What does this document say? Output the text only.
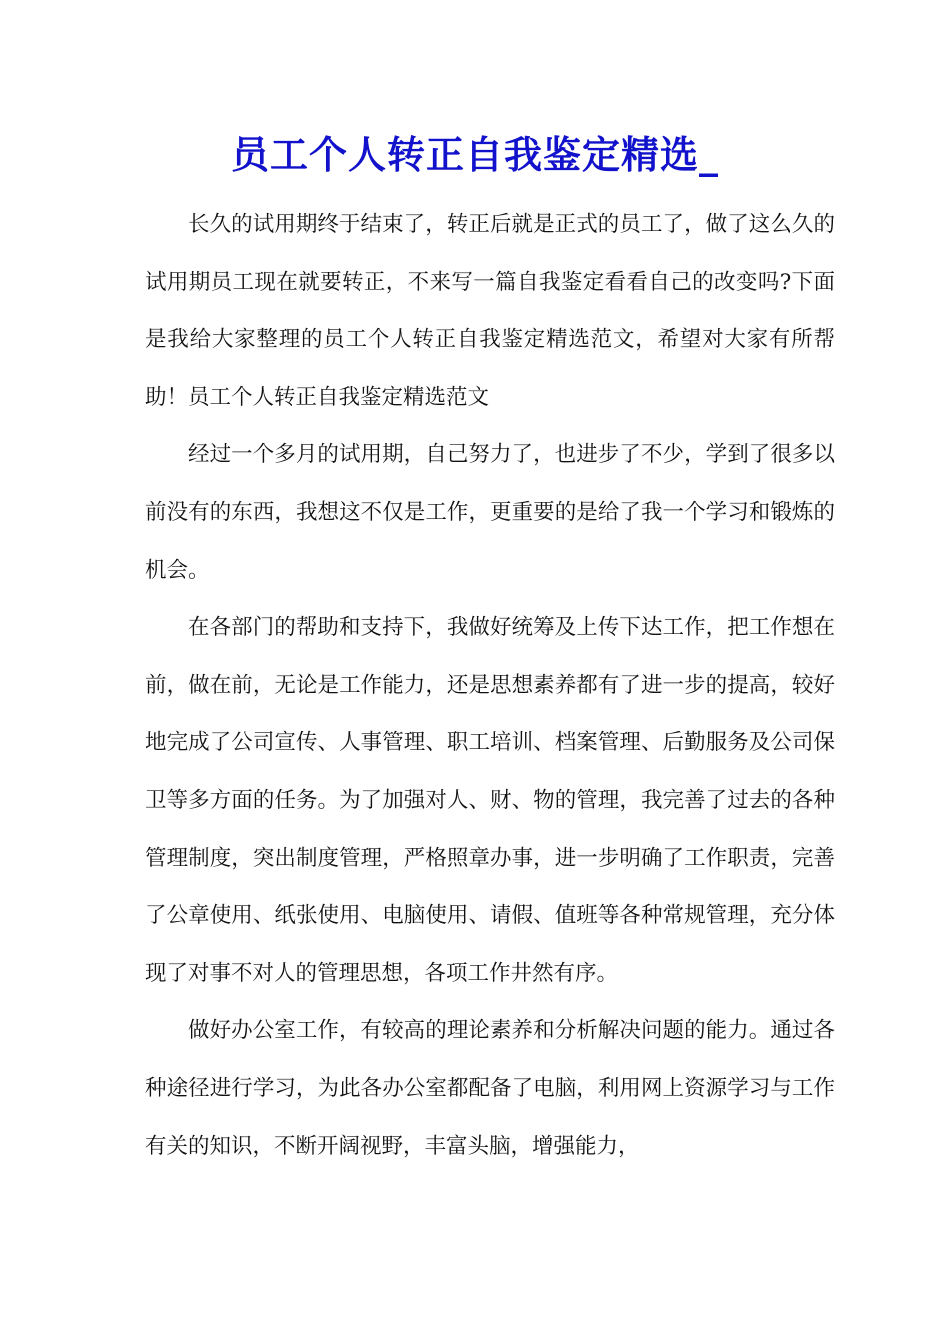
员工个人转正自我鉴定精选_

长久的试用期终于结束了，转正后就是正式的员工了，做了这么久的试用期员工现在就要转正，不来写一篇自我鉴定看看自己的改变吗?下面是我给大家整理的员工个人转正自我鉴定精选范文，希望对大家有所帮助！员工个人转正自我鉴定精选范文

经过一个多月的试用期，自己努力了，也进步了不少，学到了很多以前没有的东西，我想这不仅是工作，更重要的是给了我一个学习和锻炼的机会。

在各部门的帮助和支持下，我做好统筹及上传下达工作，把工作想在前，做在前，无论是工作能力，还是思想素养都有了进一步的提高，较好地完成了公司宣传、人事管理、职工培训、档案管理、后勤服务及公司保卫等多方面的任务。为了加强对人、财、物的管理，我完善了过去的各种管理制度，突出制度管理，严格照章办事，进一步明确了工作职责，完善了公章使用、纸张使用、电脑使用、请假、值班等各种常规管理，充分体现了对事不对人的管理思想，各项工作井然有序。

做好办公室工作，有较高的理论素养和分析解决问题的能力。通过各种途径进行学习，为此各办公室都配备了电脑，利用网上资源学习与工作有关的知识，不断开阔视野，丰富头脑，增强能力，
